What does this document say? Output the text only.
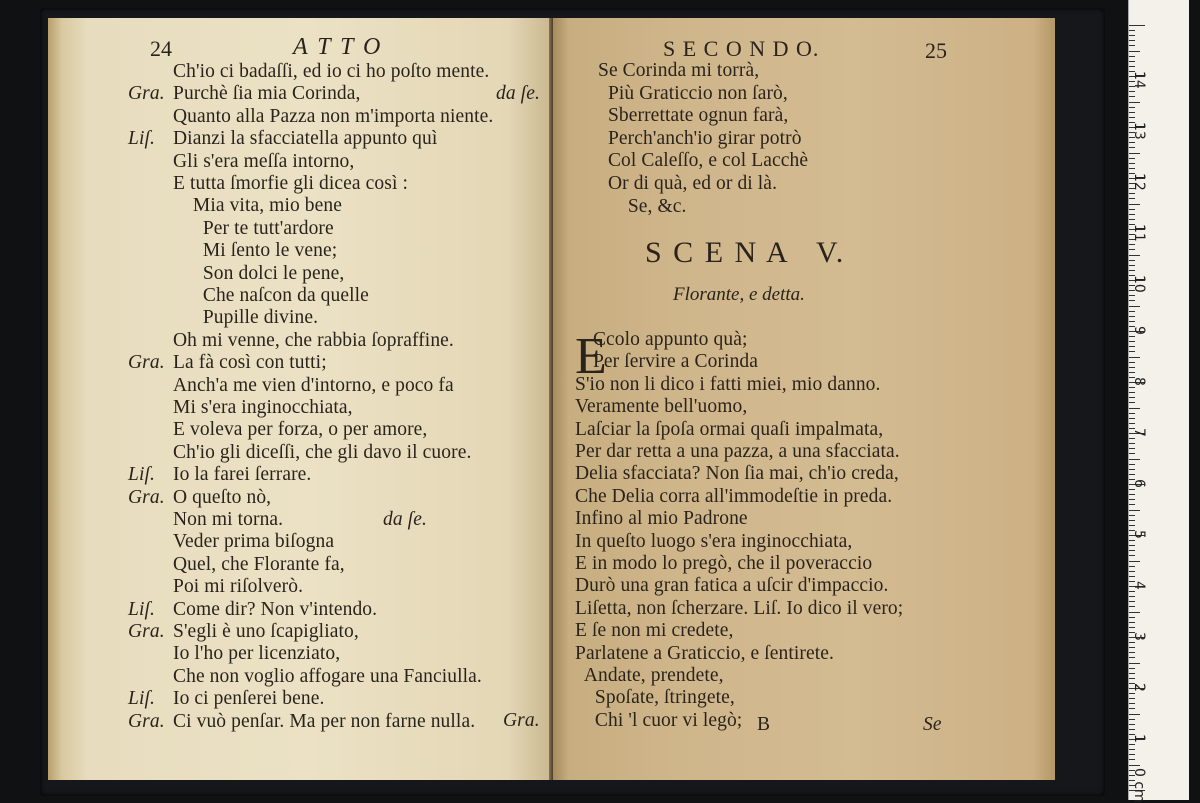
24	A T T O
Ch'io ci badaſſi, ed io ci ho poſto mente.
Gra. Purchè ſia mia Corinda,	da ſe.
Quanto alla Pazza non m'importa niente.
Liſ. Dianzi la sfacciatella appunto quì
Gli s'era meſſa intorno,
E tutta ſmorfie gli dicea così :
Mia vita, mio bene
Per te tutt'ardore
Mi ſento le vene;
Son dolci le pene,
Che naſcon da quelle
Pupille divine.
Oh mi venne, che rabbia ſopraffine.
Gra. La fà così con tutti;
Anch'a me vien d'intorno, e poco fa
Mi s'era inginocchiata,
E voleva per forza, o per amore,
Ch'io gli diceſſi, che gli davo il cuore.
Liſ. Io la farei ſerrare.
Gra. O queſto nò,
Non mi torna.	da ſe.
Veder prima biſogna
Quel, che Florante fa,
Poi mi riſolverò.
Liſ. Come dir? Non v'intendo.
Gra. S'egli è uno ſcapigliato,
Io l'ho per licenziato,
Che non voglio affogare una Fanciulla.
Liſ. Io ci penſerei bene.
Gra. Ci vuò penſar. Ma per non farne nulla. Gra.
S E C O N D O.	25
Se Corinda mi torrà,
Più Graticcio non ſarò,
Sberrettate ognun farà,
Perch'anch'io girar potrò
Col Caleſſo, e col Lacchè
Or di quà, ed or di là.
Se, &c.
S C E N A   V.
Florante, e detta.
E
Ccolo appunto quà;
Per ſervire a Corinda
S'io non li dico i fatti miei, mio danno.
Veramente bell'uomo,
Laſciar la ſpoſa ormai quaſi impalmata,
Per dar retta a una pazza, a una sfacciata.
Delia sfacciata? Non ſia mai, ch'io creda,
Che Delia corra all'immodeſtie in preda.
Infino al mio Padrone
In queſto luogo s'era inginocchiata,
E in modo lo pregò, che il poveraccio
Durò una gran fatica a uſcir d'impaccio.
Liſetta, non ſcherzare. Liſ. Io dico il vero;
E ſe non mi credete,
Parlatene a Graticcio, e ſentirete.
Andate, prendete,
Spoſate, ſtringete,
Chi 'l cuor vi legò; B	Se
0 cm
1
2
3
4
5
6
7
8
9
10
11
12
13
14
